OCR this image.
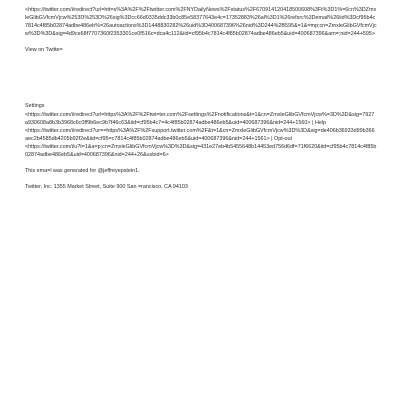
<https://twitter.com/i/redirect?url=htt=s%3A%2F%2Ftwitter.com%2FNYDailyNews%2Fstatus%2F670914120418500608%3Ft%3D1%=6cn%3DZmxleGlibGVfcmVjcw%253D%253D%26sig%3Dcc66d0335ddc33b0c85e58377643e4c=17352883%26al%3D1%26refsrc%3Demail%26iid%3Dcf95b4c7814c4f85b02874adbe486eb%=26autoactions%3D1448830282%26uid%3D400687396%26nid%3D244%2B595&=1&=mp;cn=ZmxleGlibGVfcmVjcw%3D%3D&sig=4d9ce68f7707360f2353301ce0f516c=dca4c112&iid=cf95b4c7814c4f85b02874adbe486eb5&uid=400687396&am=;nid=244+595>

View on Twitte=

Settings

<https://twitter.com/i/redirect?url=https%3A%2F%2Ftwi=ter.com%2Fsettings%2Fnotifications&t=1&cn=ZmxleGlibGVfcmVjcw%=3D%3D&sig=7927a930608a8b3b3968c6c0ff9b6ec9b7f46c63&iid=cf95b4c7=4c4f85b02874adbe486eb5&uid=400687396&nid=244+1560> | Help

<https://twitter.com/i/redirect?ur==https%3A%2F%2Fsupport.twitter.com%2F&t=1&cn=ZmxleGlibGVfcmVjcw%3D%3D&sig=de406b36933d99b366aec2b4585db4205b92f2e&iid=cf95=c7814c4f85b02874adbe486eb5&uid=400687396&nid=244+1561> | Opt-out

<https://twitter.com/i/u?t=1&a=p;cn=ZmxleGlibGVfcmVjcw%3D%3D&sig=431e27eb4b5455648b14453ed756d6df=71f6620&iid=cf95b4c7814c4f85b02874adbe486eb5&uid=400687396&nid=244+26&usbid=6>

This ema=l was generated for @jeffreyepstein1.

Twitter, Inc. 1355 Market Street, Suite 900 San =rancisco, CA 94103
